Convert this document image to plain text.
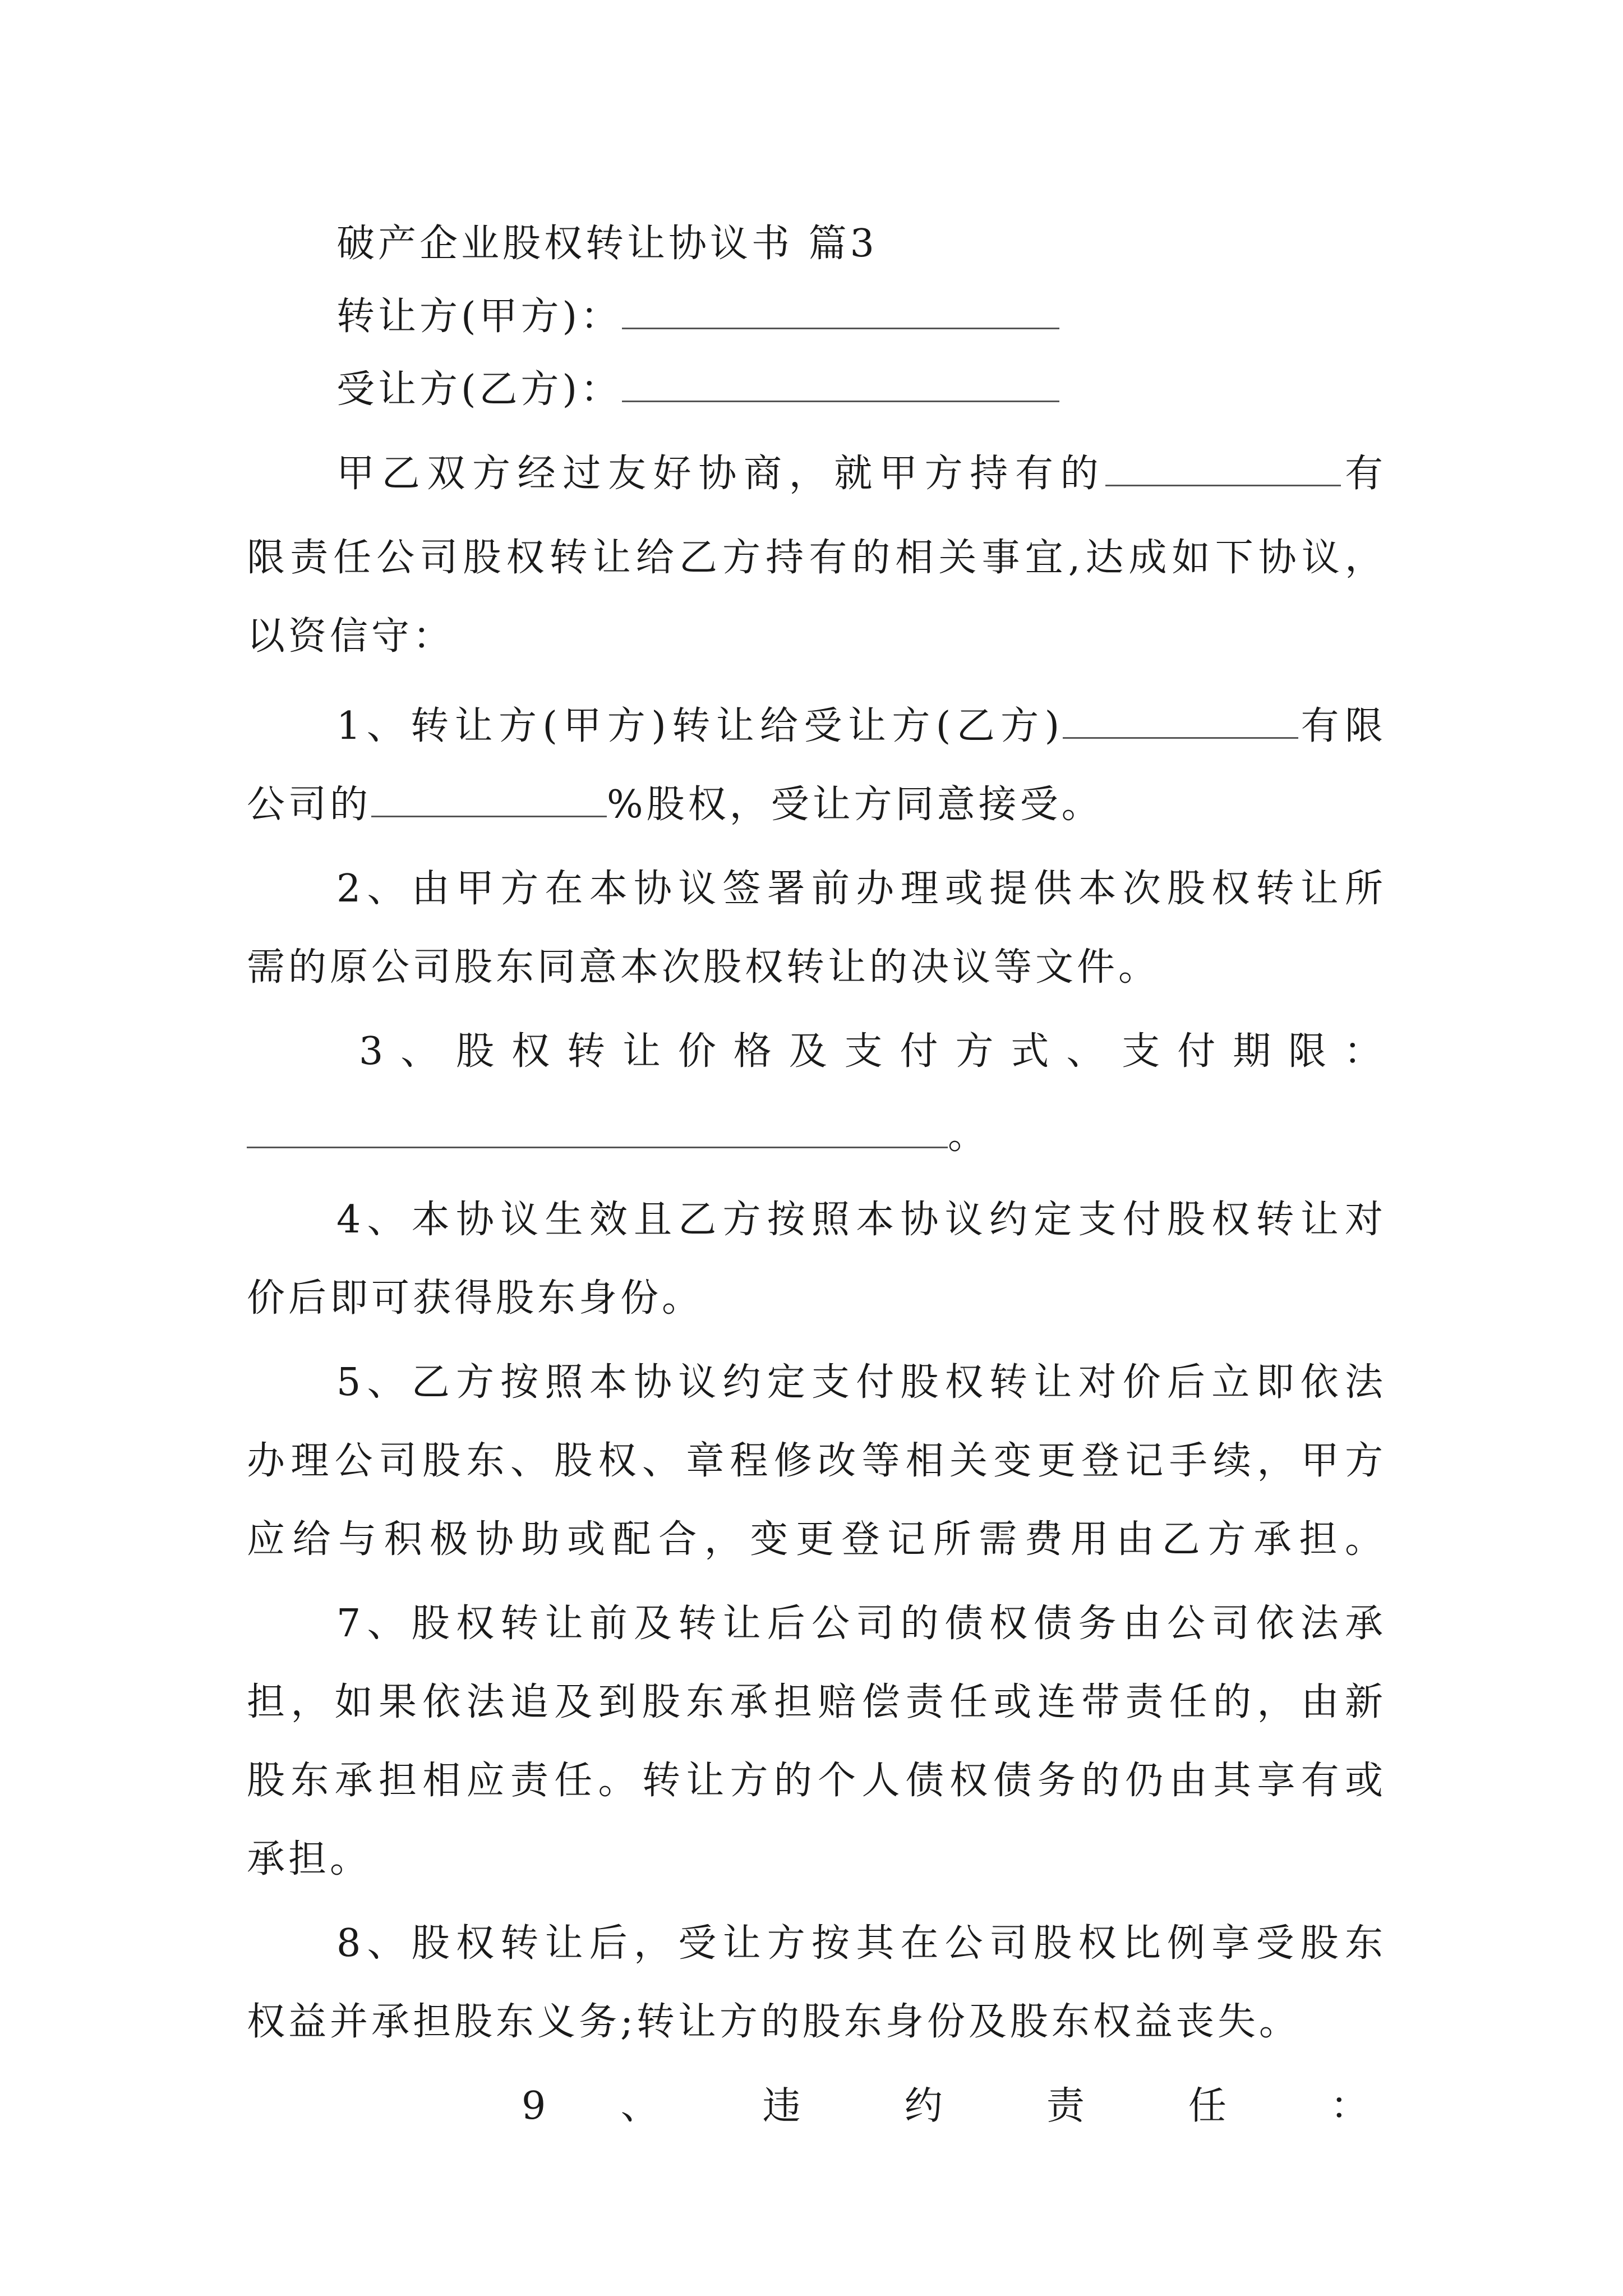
破产企业股权转让协议书 篇3
转让方(甲方)：
受让方(乙方)：
甲乙双方经过友好协商，就甲方持有的	有
限责任公司股权转让给乙方持有的相关事宜,达成如下协议，
以资信守：
1、转让方(甲方)转让给受让方(乙方)	有限
公司的	%股权，受让方同意接受。
2、由甲方在本协议签署前办理或提供本次股权转让所
需的原公司股东同意本次股权转让的决议等文件。
3、股权转让价格及支付方式、支付期限：
。
4、本协议生效且乙方按照本协议约定支付股权转让对
价后即可获得股东身份。
5、乙方按照本协议约定支付股权转让对价后立即依法
办理公司股东、股权、章程修改等相关变更登记手续，甲方
应给与积极协助或配合，变更登记所需费用由乙方承担。
7、股权转让前及转让后公司的债权债务由公司依法承
担，如果依法追及到股东承担赔偿责任或连带责任的，由新
股东承担相应责任。转让方的个人债权债务的仍由其享有或
承担。
8、股权转让后，受让方按其在公司股权比例享受股东
权益并承担股东义务;转让方的股东身份及股东权益丧失。
9 、 违 约 责 任 ：
